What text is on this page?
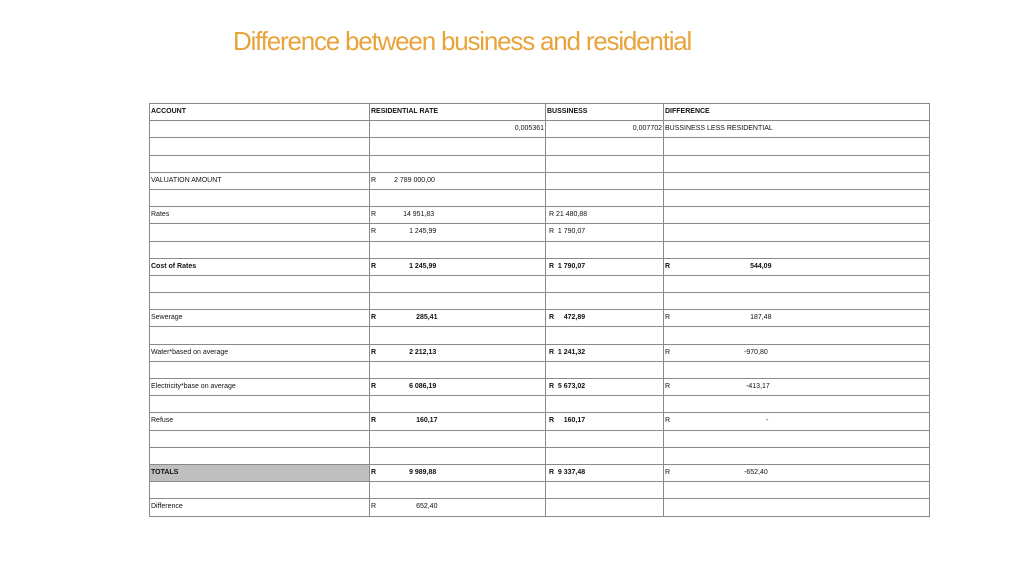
Difference between business and residential
ACCOUNT	RESIDENTIAL RATE	BUSSINESS	DIFFERENCE
	0,005361	0,007702	BUSSINESS LESS RESIDENTIAL

VALUATION AMOUNT	R 2 789 000,00		

Rates	R 14 951,83	R 21 480,88	
	R 1 245,99	R 1 790,07	

Cost of Rates	R 1 245,99	R 1 790,07	R 544,09

Sewerage	R 285,41	R 472,89	R 187,48

Water*based on average	R 2 212,13	R 1 241,32	R -970,80

Electricity*base on average	R 6 086,19	R 5 673,02	R -413,17

Refuse	R 160,17	R 160,17	R -

TOTALS	R 9 989,88	R 9 337,48	R -652,40

Difference	R 652,40		
